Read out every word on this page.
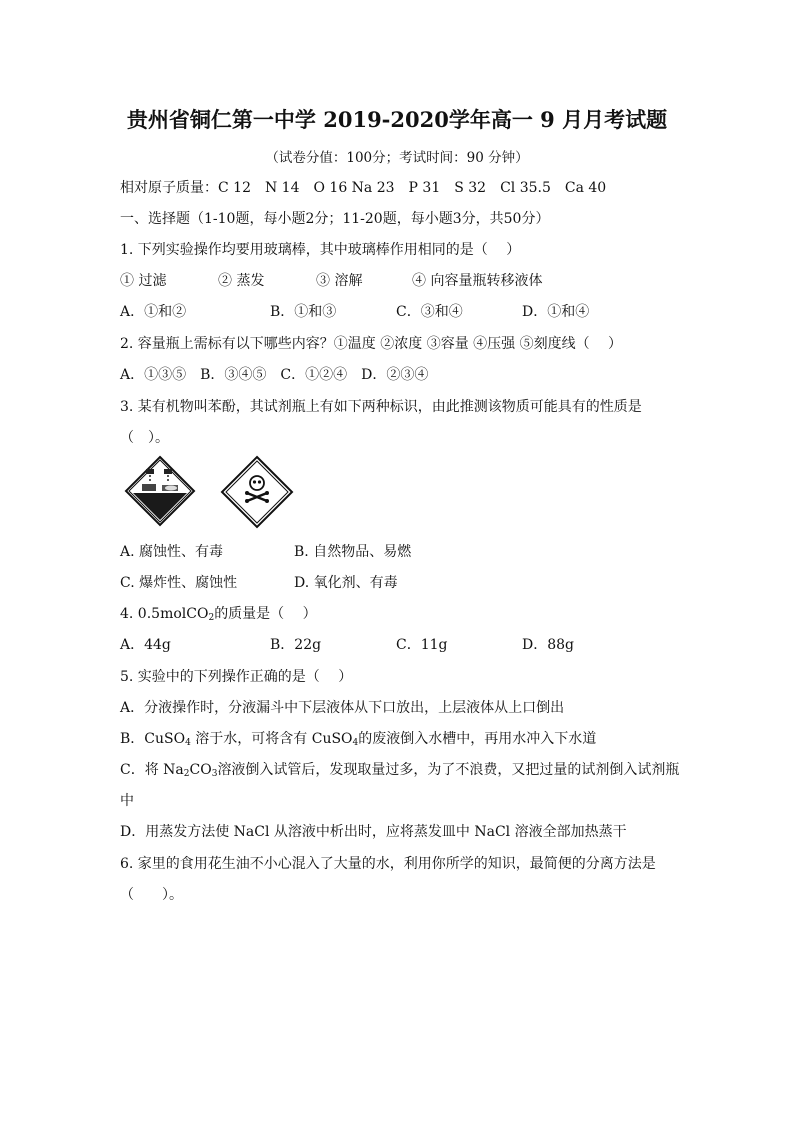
贵州省铜仁第一中学 2019-2020学年高一 9 月月考试题
（试卷分值：100分；考试时间：90 分钟）
相对原子质量：C 12　N 14　O 16 Na 23　P 31　S 32　Cl 35.5　Ca 40
一、选择题（1-10题，每小题2分；11-20题，每小题3分，共50分）
1. 下列实验操作均要用玻璃棒，其中玻璃棒作用相同的是（　 ）
① 过滤	② 蒸发	③ 溶解	④ 向容量瓶转移液体
A．①和②	B．①和③	C．③和④	D．①和④
2. 容量瓶上需标有以下哪些内容？①温度 ②浓度 ③容量 ④压强 ⑤刻度线（　 ）
A．①③⑤　B．③④⑤　C．①②④　D．②③④
3. 某有机物叫苯酚，其试剂瓶上有如下两种标识，由此推测该物质可能具有的性质是
（　）。
A. 腐蚀性、有毒	B. 自然物品、易燃
C. 爆炸性、腐蚀性	D. 氧化剂、有毒
4. 0.5molCO$_2$的质量是（　 ）
A．44g	B．22g	C．11g	D．88g
5. 实验中的下列操作正确的是（　 ）
A．分液操作时，分液漏斗中下层液体从下口放出，上层液体从上口倒出
B．CuSO$_4$ 溶于水，可将含有 CuSO$_4$的废液倒入水槽中，再用水冲入下水道
C．将 $Na_2CO_3$溶液倒入试管后，发现取量过多，为了不浪费，又把过量的试剂倒入试剂瓶
中
D．用蒸发方法使 NaCl 从溶液中析出时，应将蒸发皿中 NaCl 溶液全部加热蒸干
6. 家里的食用花生油不小心混入了大量的水，利用你所学的知识，最简便的分离方法是
（　　）。
